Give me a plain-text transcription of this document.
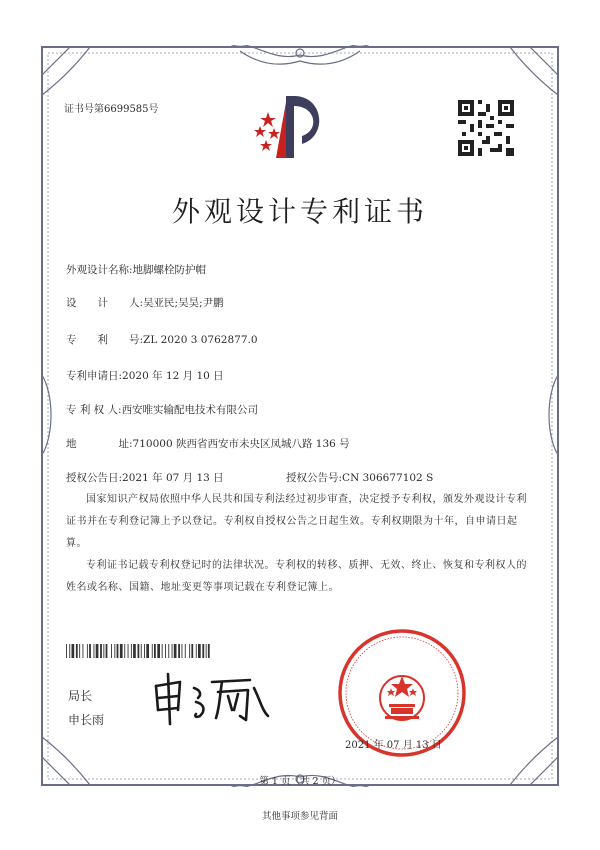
证书号第6699585号
外观设计专利证书
外观设计名称:地脚螺栓防护帽
设　　计　　人:吴亚民;吴昊;尹鹏
专　　利　　号:ZL 2020 3 0762877.0
专利申请日:2020 年 12 月 10 日
专 利 权 人:西安唯实输配电技术有限公司
地　　　　址:710000 陕西省西安市未央区凤城八路 136 号
授权公告日:2021 年 07 月 13 日	授权公告号:CN 306677102 S
国家知识产权局依照中华人民共和国专利法经过初步审查，决定授予专利权，颁发外观设计专利证书并在专利登记簿上予以登记。专利权自授权公告之日起生效。专利权期限为十年，自申请日起算。
专利证书记载专利权登记时的法律状况。专利权的转移、质押、无效、终止、恢复和专利权人的姓名或名称、国籍、地址变更等事项记载在专利登记簿上。
局长
申长雨
2021 年 07 月 13 日
第 1 页（共 2 页）
其他事项参见背面
